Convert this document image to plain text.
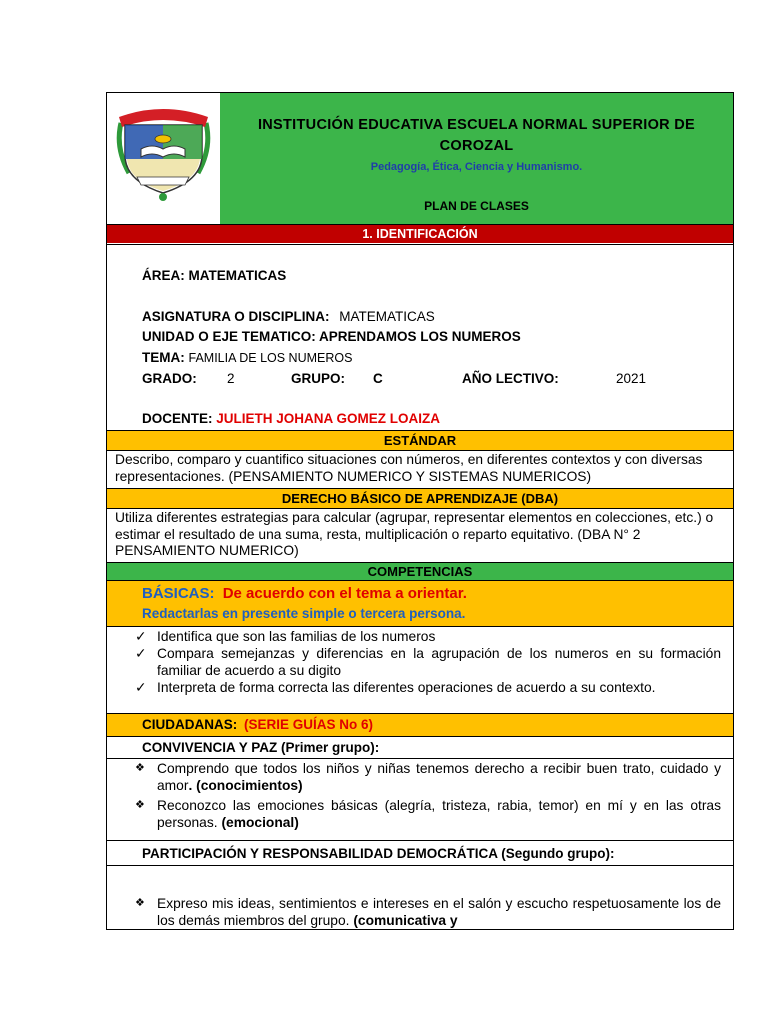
INSTITUCIÓN EDUCATIVA ESCUELA NORMAL SUPERIOR DE COROZAL
Pedagogía, Ética, Ciencia y Humanismo.
PLAN DE CLASES
1. IDENTIFICACIÓN
ÁREA: MATEMATICAS
ASIGNATURA O DISCIPLINA: MATEMATICAS
UNIDAD O EJE TEMATICO: APRENDAMOS LOS NUMEROS
TEMA: FAMILIA DE LOS NUMEROS
GRADO: 2	GRUPO: C	AÑO LECTIVO:	2021
DOCENTE: JULIETH JOHANA GOMEZ LOAIZA
ESTÁNDAR
Describo, comparo y cuantifico situaciones con números, en diferentes contextos y con diversas representaciones. (PENSAMIENTO NUMERICO Y SISTEMAS NUMERICOS)
DERECHO BÁSICO DE APRENDIZAJE (DBA)
Utiliza diferentes estrategias para calcular (agrupar, representar elementos en colecciones, etc.) o estimar el resultado de una suma, resta, multiplicación o reparto equitativo. (DBA N° 2 PENSAMIENTO NUMERICO)
COMPETENCIAS
BÁSICAS: De acuerdo con el tema a orientar.
Redactarlas en presente simple o tercera persona.
✓ Identifica que son las familias de los numeros
✓ Compara semejanzas y diferencias en la agrupación de los numeros en su formación familiar de acuerdo a su digito
✓ Interpreta de forma correcta las diferentes operaciones de acuerdo a su contexto.
CIUDADANAS: (SERIE GUÍAS No 6)
CONVIVENCIA Y PAZ (Primer grupo):
❖ Comprendo que todos los niños y niñas tenemos derecho a recibir buen trato, cuidado y amor. (conocimientos)
❖ Reconozco las emociones básicas (alegría, tristeza, rabia, temor) en mí y en las otras personas. (emocional)
PARTICIPACIÓN Y RESPONSABILIDAD DEMOCRÁTICA (Segundo grupo):
❖ Expreso mis ideas, sentimientos e intereses en el salón y escucho respetuosamente los de los demás miembros del grupo. (comunicativa y
